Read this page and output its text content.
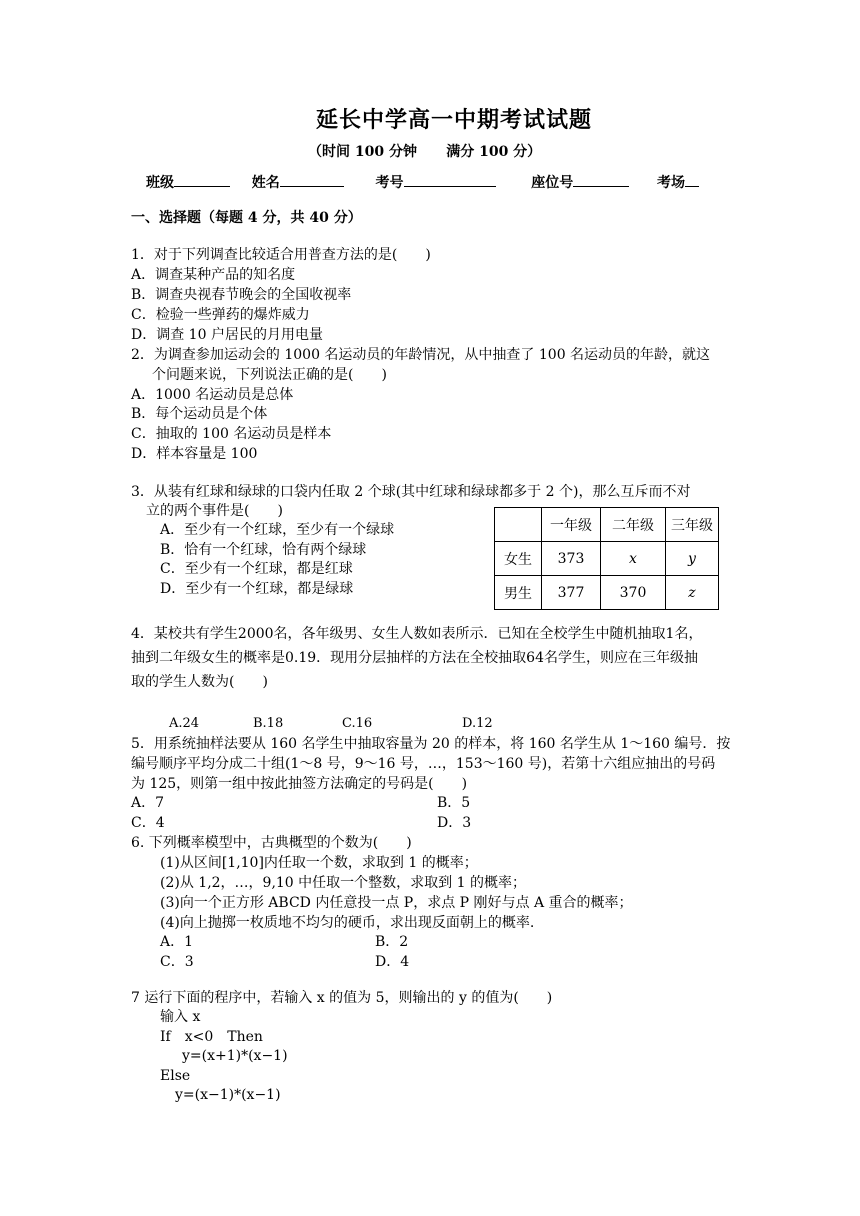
延长中学高一中期考试试题
（时间 100 分钟      满分 100 分）
班级	姓名	考号	座位号	考场
一、选择题（每题 4 分，共 40 分）
1．对于下列调查比较适合用普查方法的是(　　)
A．调查某种产品的知名度
B．调查央视春节晚会的全国收视率
C．检验一些弹药的爆炸威力
D．调查 10 户居民的月用电量
2．为调查参加运动会的 1000 名运动员的年龄情况，从中抽查了 100 名运动员的年龄，就这
个问题来说，下列说法正确的是(　　)
A．1000 名运动员是总体
B．每个运动员是个体
C．抽取的 100 名运动员是样本
D．样本容量是 100
3．从装有红球和绿球的口袋内任取 2 个球(其中红球和绿球都多于 2 个)，那么互斥而不对
立的两个事件是(　　)
A．至少有一个红球，至少有一个绿球
B．恰有一个红球，恰有两个绿球
C．至少有一个红球，都是红球
D．至少有一个红球，都是绿球
	一年级	二年级	三年级
女生	373	x	y
男生	377	370	z
4．某校共有学生2000名，各年级男、女生人数如表所示．已知在全校学生中随机抽取1名，
抽到二年级女生的概率是0.19．现用分层抽样的方法在全校抽取64名学生，则应在三年级抽
取的学生人数为(　　)
A.24	B.18	C.16	D.12
5．用系统抽样法要从 160 名学生中抽取容量为 20 的样本，将 160 名学生从 1～160 编号．按
编号顺序平均分成二十组(1～8 号，9～16 号，…，153～160 号)，若第十六组应抽出的号码
为 125，则第一组中按此抽签方法确定的号码是(　　)
A．7	B．5
C．4	D．3
6. 下列概率模型中，古典概型的个数为(　　)
(1)从区间[1,10]内任取一个数，求取到 1 的概率；
(2)从 1,2，…，9,10 中任取一个整数，求取到 1 的概率；
(3)向一个正方形 ABCD 内任意投一点 P，求点 P 刚好与点 A 重合的概率；
(4)向上抛掷一枚质地不均匀的硬币，求出现反面朝上的概率.
A．1	B．2
C．3	D．4
7 运行下面的程序中，若输入 x 的值为 5，则输出的 y 的值为(　　)
输入 x
If　x<0　Then
y=(x+1)*(x−1)
Else
y=(x−1)*(x−1)
